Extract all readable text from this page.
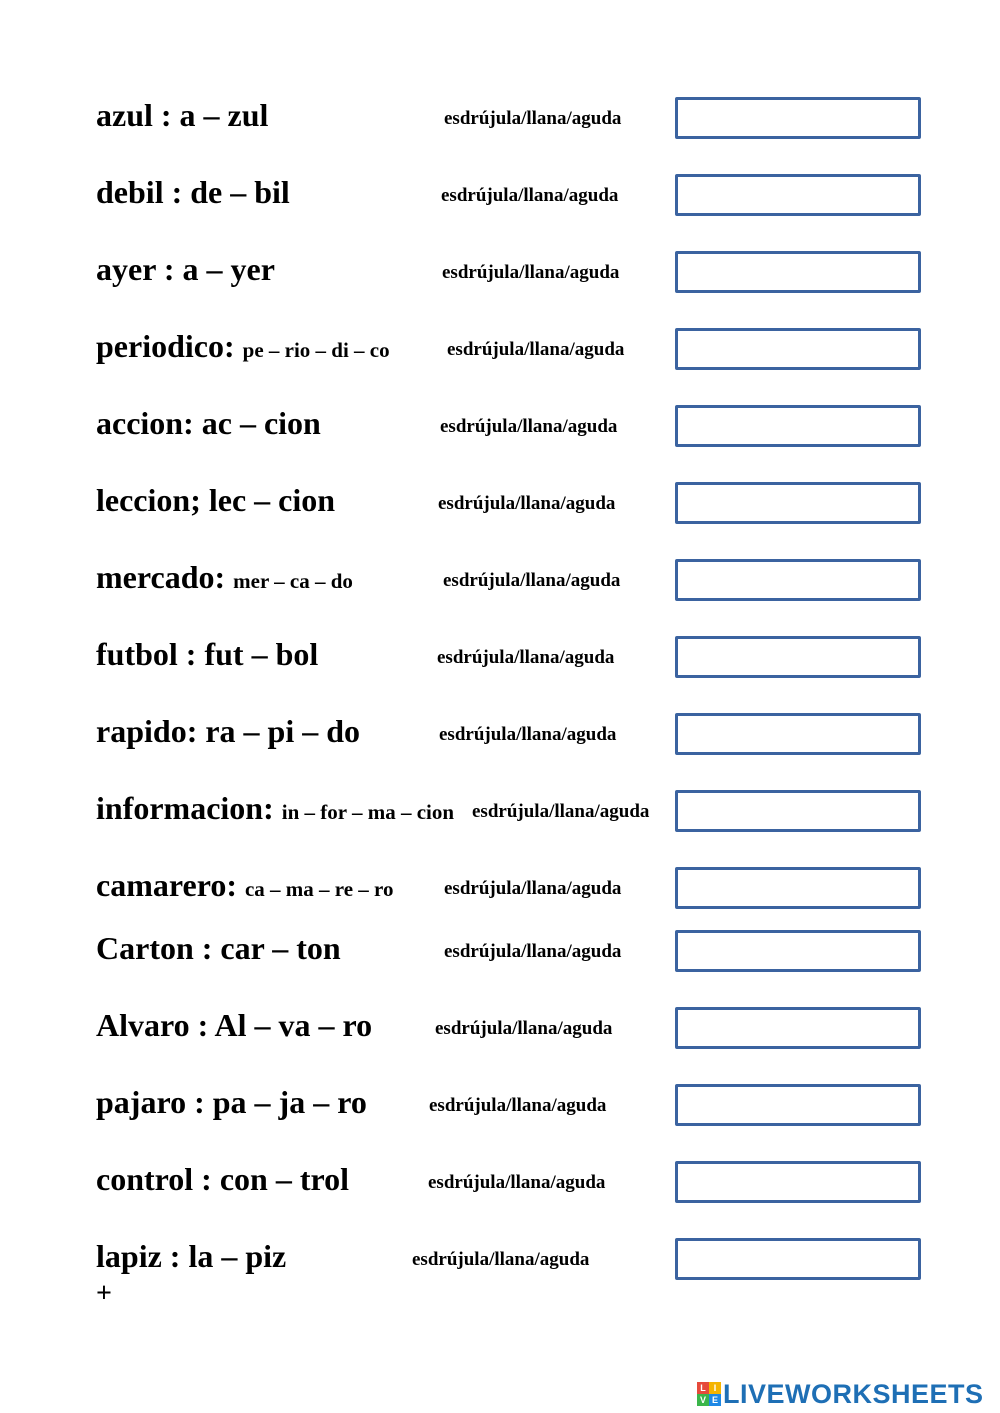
azul : a – zul	esdrújula/llana/aguda
debil : de – bil	esdrújula/llana/aguda
ayer : a – yer	esdrújula/llana/aguda
periodico: pe – rio – di – co	esdrújula/llana/aguda
accion: ac – cion	esdrújula/llana/aguda
leccion; lec – cion	esdrújula/llana/aguda
mercado: mer – ca – do	esdrújula/llana/aguda
futbol : fut – bol	esdrújula/llana/aguda
rapido: ra – pi – do	esdrújula/llana/aguda
informacion: in – for – ma – cion esdrújula/llana/aguda
camarero: ca – ma – re – ro	esdrújula/llana/aguda
Carton : car – ton	esdrújula/llana/aguda
Alvaro : Al – va – ro	esdrújula/llana/aguda
pajaro : pa – ja – ro	esdrújula/llana/aguda
control : con – trol	esdrújula/llana/aguda
lapiz : la – piz	esdrújula/llana/aguda
+
L I
V E LIVEWORKSHEETS
